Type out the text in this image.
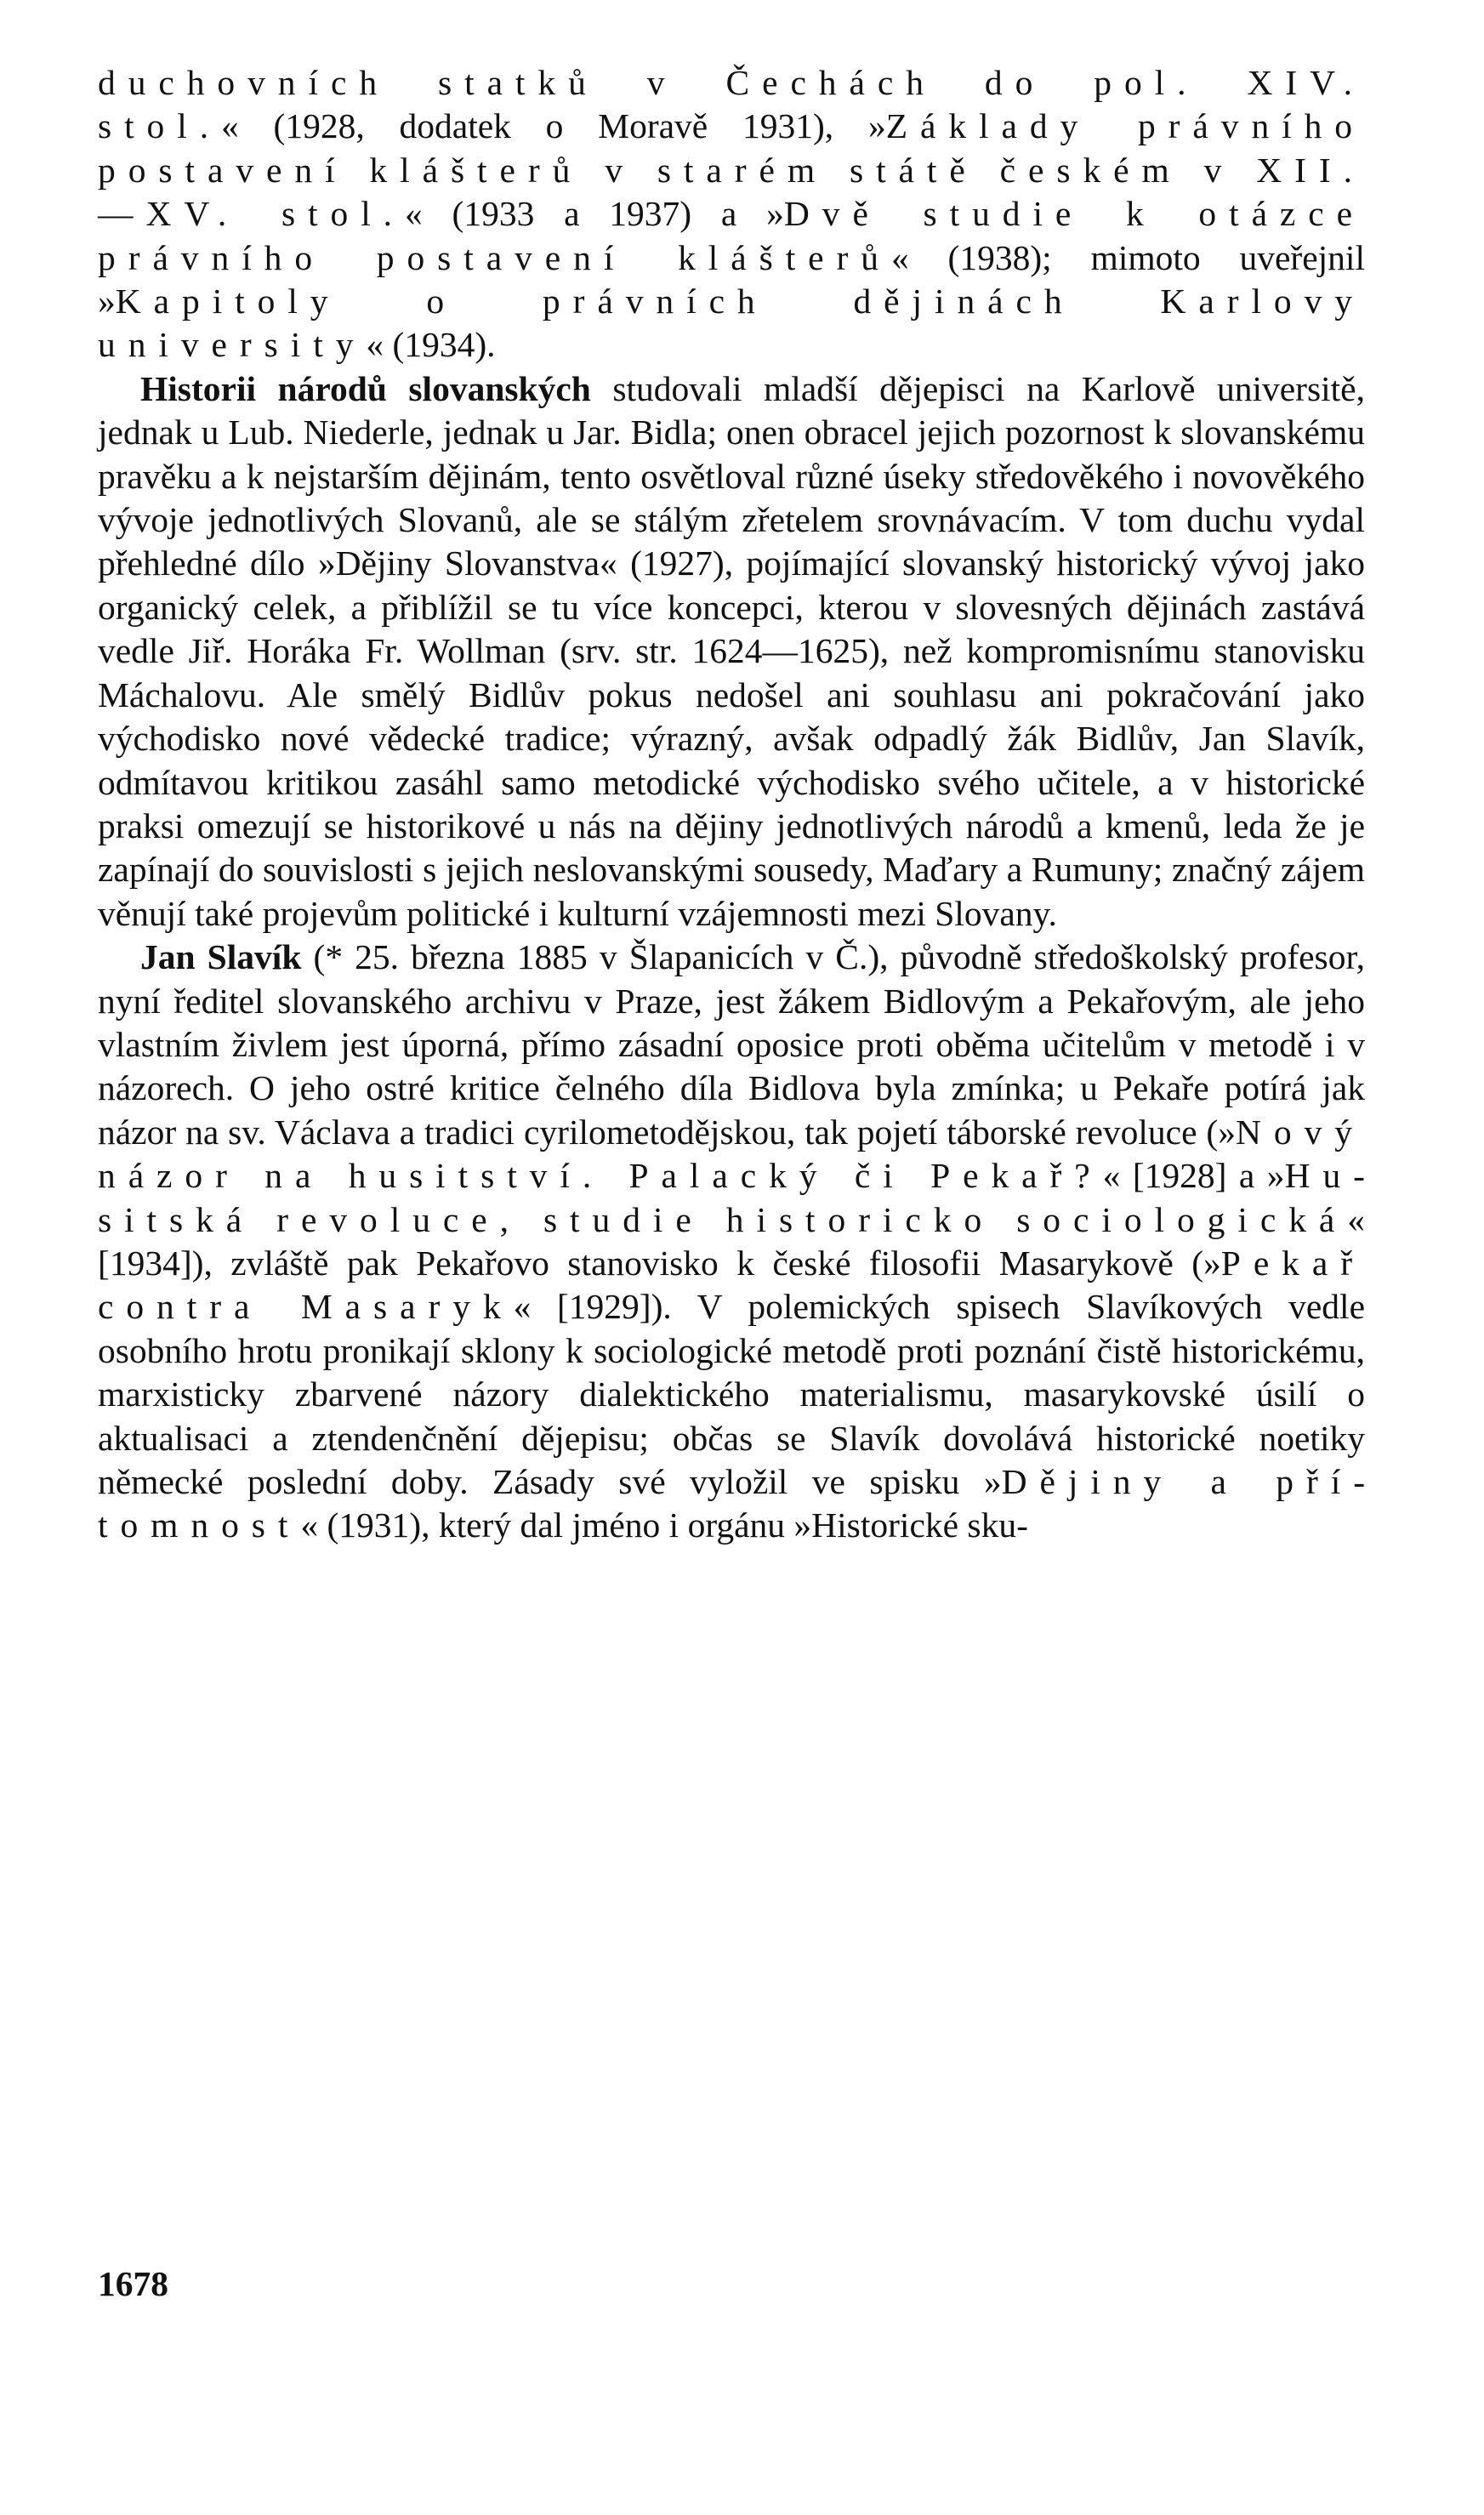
duchovních statků v Čechách do pol. XIV. stol.« (1928, dodatek o Moravě 1931), »Základy právního postavení klášterů v starém státě českém v XII.—XV. stol.« (1933 a 1937) a »Dvě studie k otázce právního postavení klášterů« (1938); mimoto uveřejnil »Kapitoly o právních dějinách Karlovy university« (1934).

Historii národů slovanských studovali mladší dějepisci na Karlově universitě, jednak u Lub. Niederle, jednak u Jar. Bidla; onen obracel jejich pozornost k slovanskému pravěku a k nejstarším dějinám, tento osvětloval různé úseky středověkého i novověkého vývoje jednotlivých Slovanů, ale se stálým zřetelem srovnávacím. V tom duchu vydal přehledné dílo »Dějiny Slovanstva« (1927), pojímající slovanský historický vývoj jako organický celek, a přiblížil se tu více koncepci, kterou v slovesných dějinách zastává vedle Jiř. Horáka Fr. Wollman (srv. str. 1624—1625), než kompromisnímu stanovisku Máchalovu. Ale smělý Bidlův pokus nedošel ani souhlasu ani pokračování jako východisko nové vědecké tradice; výrazný, avšak odpadlý žák Bidlův, Jan Slavík, odmítavou kritikou zasáhl samo metodické východisko svého učitele, a v historické praksi omezují se historikové u nás na dějiny jednotlivých národů a kmenů, leda že je zapínají do souvislosti s jejich neslovanskými sousedy, Maďary a Rumuny; značný zájem věnují také projevům politické i kulturní vzájemnosti mezi Slovany.

Jan Slavík (* 25. března 1885 v Šlapanicích v Č.), původně středoškolský profesor, nyní ředitel slovanského archivu v Praze, jest žákem Bidlovým a Pekařovým, ale jeho vlastním živlem jest úporná, přímo zásadní oposice proti oběma učitelům v metodě i v názorech. O jeho ostré kritice čelného díla Bidlova byla zmínka; u Pekaře potírá jak názor na sv. Václava a tradici cyrilometodějskou, tak pojetí táborské revoluce (»Nový názor na husitství. Palacký či Pekař?« [1928] a »Husitská revoluce, studie historicko sociologická« [1934]), zvláště pak Pekařovo stanovisko k české filosofii Masarykově (»Pekař contra Masaryk« [1929]). V polemických spisech Slavíkových vedle osobního hrotu pronikají sklony k sociologické metodě proti poznání čistě historickému, marxisticky zbarvené názory dialektického materialismu, masarykovské úsilí o aktualisaci a ztendenčnění dějepisu; občas se Slavík dovolává historické noetiky německé poslední doby. Zásady své vyložil ve spisku »Dějiny a přítomnost« (1931), který dal jméno i orgánu »Historické sku-

1678
